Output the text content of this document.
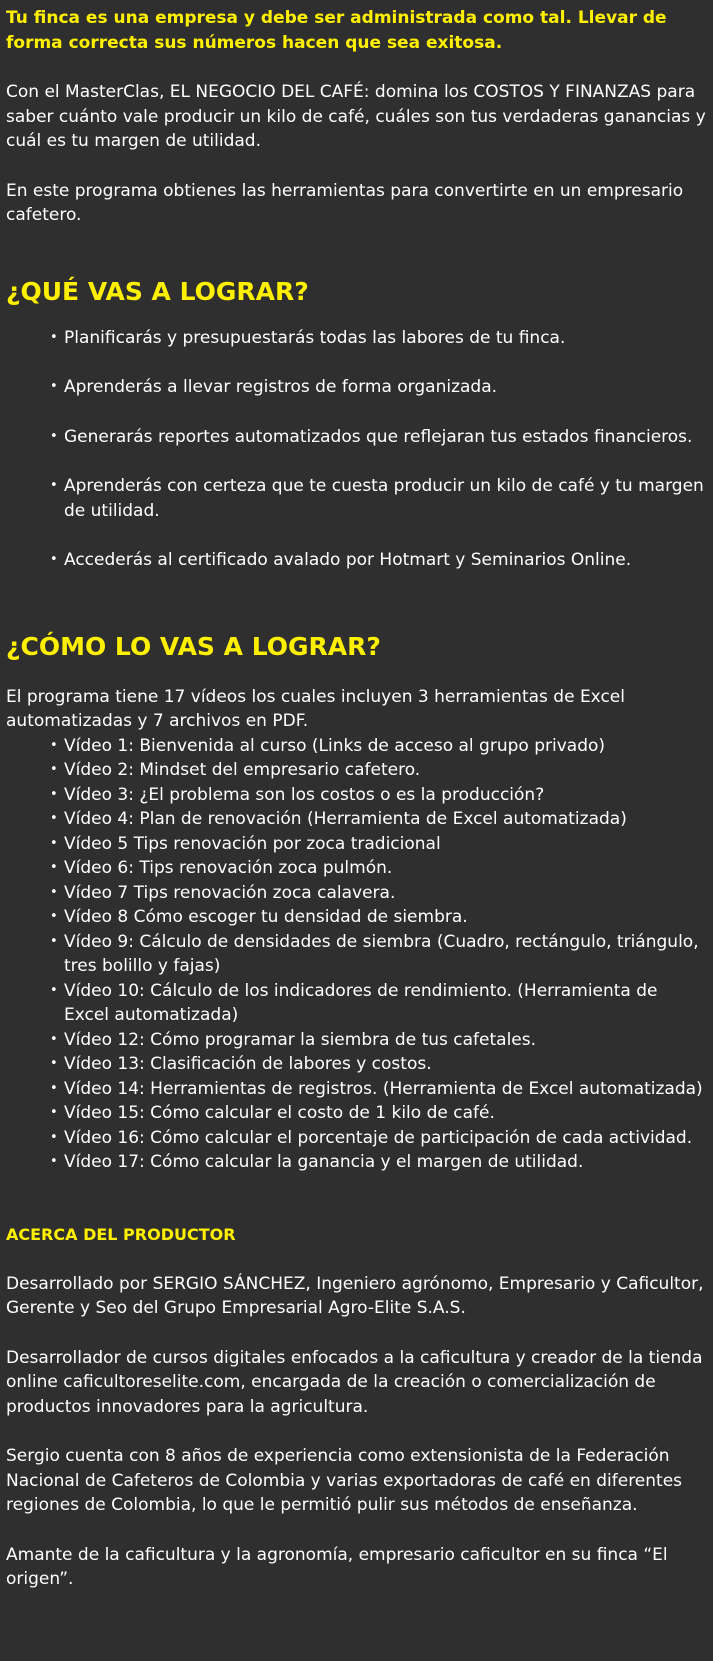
Tu finca es una empresa y debe ser administrada como tal. Llevar de forma correcta sus números hacen que sea exitosa.

Con el MasterClas, EL NEGOCIO DEL CAFÉ: domina los COSTOS Y FINANZAS para saber cuánto vale producir un kilo de café, cuáles son tus verdaderas ganancias y cuál es tu margen de utilidad.

En este programa obtienes las herramientas para convertirte en un empresario cafetero.

¿QUÉ VAS A LOGRAR?
• Planificarás y presupuestarás todas las labores de tu finca.
• Aprenderás a llevar registros de forma organizada.
• Generarás reportes automatizados que reflejaran tus estados financieros.
• Aprenderás con certeza que te cuesta producir un kilo de café y tu margen de utilidad.
• Accederás al certificado avalado por Hotmart y Seminarios Online.
¿CÓMO LO VAS A LOGRAR?

El programa tiene 17 vídeos los cuales incluyen 3 herramientas de Excel automatizadas y 7 archivos en PDF.

• Vídeo 1: Bienvenida al curso (Links de acceso al grupo privado)
• Vídeo 2: Mindset del empresario cafetero.
• Vídeo 3: ¿El problema son los costos o es la producción?
• Vídeo 4: Plan de renovación (Herramienta de Excel automatizada)
• Vídeo 5 Tips renovación por zoca tradicional
• Vídeo 6: Tips renovación zoca pulmón.
• Vídeo 7 Tips renovación zoca calavera.
• Vídeo 8 Cómo escoger tu densidad de siembra.
• Vídeo 9: Cálculo de densidades de siembra (Cuadro, rectángulo, triángulo, tres bolillo y fajas)
• Vídeo 10: Cálculo de los indicadores de rendimiento. (Herramienta de Excel automatizada)
• Vídeo 12: Cómo programar la siembra de tus cafetales.
• Vídeo 13: Clasificación de labores y costos.
• Vídeo 14: Herramientas de registros. (Herramienta de Excel automatizada)
• Vídeo 15: Cómo calcular el costo de 1 kilo de café.
• Vídeo 16: Cómo calcular el porcentaje de participación de cada actividad.
• Vídeo 17: Cómo calcular la ganancia y el margen de utilidad.
ACERCA DEL PRODUCTOR

Desarrollado por SERGIO SÁNCHEZ, Ingeniero agrónomo, Empresario y Caficultor, Gerente y Seo del Grupo Empresarial Agro-Elite S.A.S.

Desarrollador de cursos digitales enfocados a la caficultura y creador de la tienda online caficultoreselite.com, encargada de la creación o comercialización de productos innovadores para la agricultura.

Sergio cuenta con 8 años de experiencia como extensionista de la Federación Nacional de Cafeteros de Colombia y varias exportadoras de café en diferentes regiones de Colombia, lo que le permitió pulir sus métodos de enseñanza.

Amante de la caficultura y la agronomía, empresario caficultor en su finca “El origen”.
